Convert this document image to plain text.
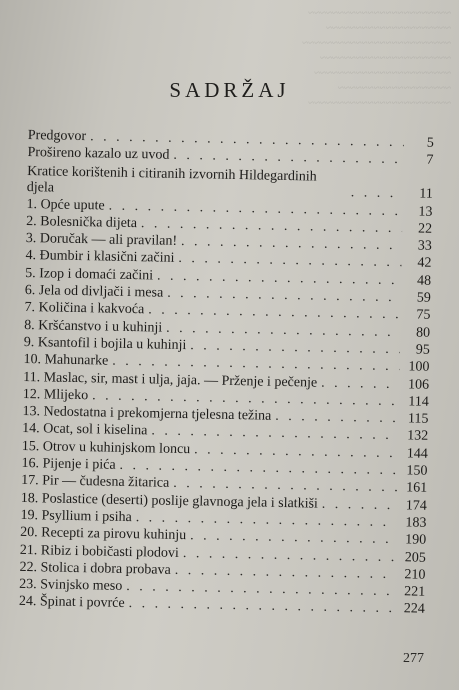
~~~~~~~~~~~~~~~~~~~~~~~~
~~~~~~~~~~~~~~~~~~~~~
~~~~~~~~~~~~~~~~~~~~~~~~~
~~~~~~~~~~~~~~~~~~~~~~
~~~~~~~~~~~~~~~~~~~~~~~
~~~~~~~~~~~~~~~~~~~
~~~~~~~~~~~~~~~~~~~~~~~~
SADRŽAJ
Predgovor . . .	5
Prošireno kazalo uz uvod . . .	7
Kratice korištenih i citiranih izvornih Hildegardinih djela . . .	11
1. Opće upute . . .	13
2. Bolesnička dijeta . . .	22
3. Doručak — ali pravilan! . . .	33
4. Đumbir i klasični začini . . .	42
5. Izop i domaći začini . . .	48
6. Jela od divljači i mesa . . .	59
7. Količina i kakvoća . . .	75
8. Kršćanstvo i u kuhinji . . .	80
9. Ksantofil i bojila u kuhinji . . .	95
10. Mahunarke . . .	100
11. Maslac, sir, mast i ulja, jaja. — Prženje i pečenje . . .	106
12. Mlijeko . . .	114
13. Nedostatna i prekomjerna tjelesna težina . . .	115
14. Ocat, sol i kiselina . . .	132
15. Otrov u kuhinjskom loncu . . .	144
16. Pijenje i pića . . .	150
17. Pir — čudesna žitarica . . .	161
18. Poslastice (deserti) poslije glavnoga jela i slatkiši . . .	174
19. Psyllium i psiha . . .	183
20. Recepti za pirovu kuhinju . . .	190
21. Ribiz i bobičasti plodovi . . .	205
22. Stolica i dobra probava . . .	210
23. Svinjsko meso . . .	221
24. Špinat i povrće . . .	224
277
